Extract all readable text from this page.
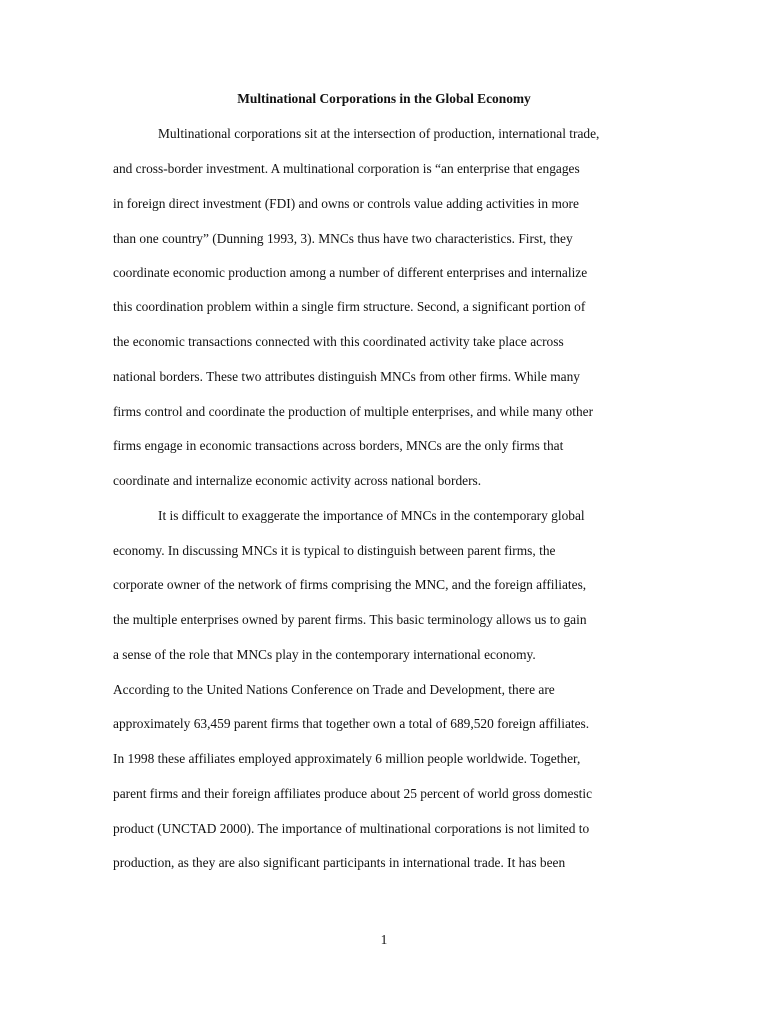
Multinational Corporations in the Global Economy

Multinational corporations sit at the intersection of production, international trade,

and cross-border investment. A multinational corporation is “an enterprise that engages

in foreign direct investment (FDI) and owns or controls value adding activities in more

than one country” (Dunning 1993, 3). MNCs thus have two characteristics. First, they

coordinate economic production among a number of different enterprises and internalize

this coordination problem within a single firm structure. Second, a significant portion of

the economic transactions connected with this coordinated activity take place across

national borders. These two attributes distinguish MNCs from other firms. While many

firms control and coordinate the production of multiple enterprises, and while many other

firms engage in economic transactions across borders, MNCs are the only firms that

coordinate and internalize economic activity across national borders.

It is difficult to exaggerate the importance of MNCs in the contemporary global

economy. In discussing MNCs it is typical to distinguish between parent firms, the

corporate owner of the network of firms comprising the MNC, and the foreign affiliates,

the multiple enterprises owned by parent firms. This basic terminology allows us to gain

a sense of the role that MNCs play in the contemporary international economy.

According to the United Nations Conference on Trade and Development, there are

approximately 63,459 parent firms that together own a total of 689,520 foreign affiliates.

In 1998 these affiliates employed approximately 6 million people worldwide. Together,

parent firms and their foreign affiliates produce about 25 percent of world gross domestic

product (UNCTAD 2000). The importance of multinational corporations is not limited to

production, as they are also significant participants in international trade. It has been

1
